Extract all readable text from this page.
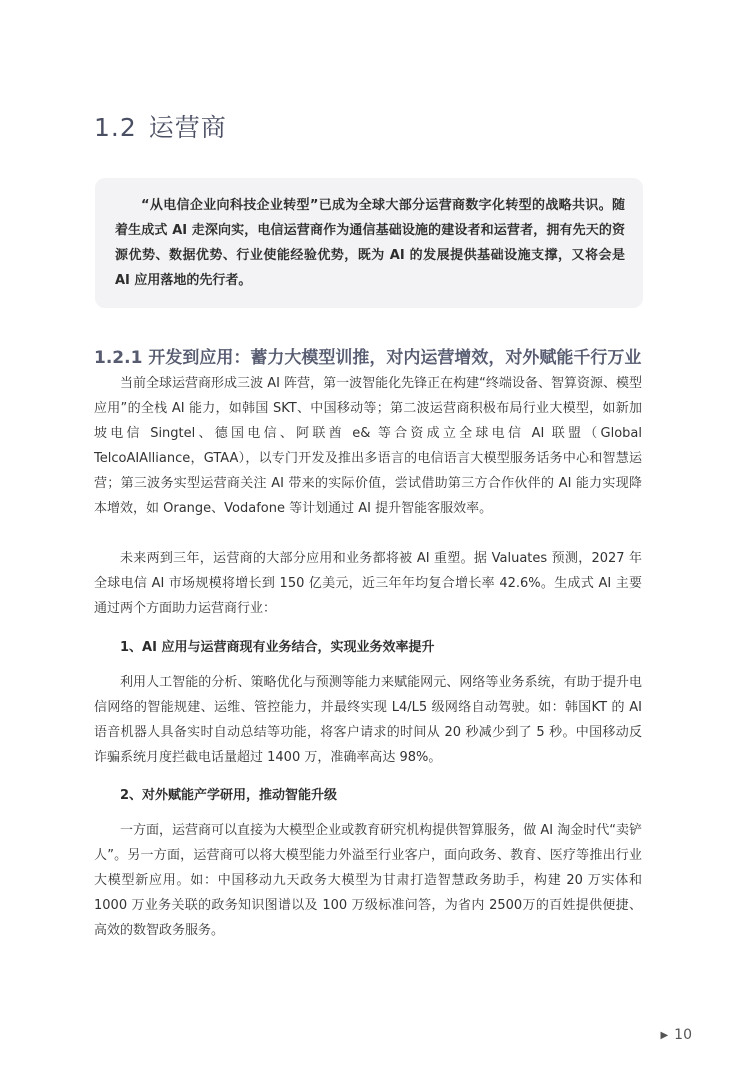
1.2 运营商

“从电信企业向科技企业转型”已成为全球大部分运营商数字化转型的战略共识。随着生成式 AI 走深向实，电信运营商作为通信基础设施的建设者和运营者，拥有先天的资源优势、数据优势、行业使能经验优势，既为 AI 的发展提供基础设施支撑，又将会是 AI 应用落地的先行者。

1.2.1 开发到应用：蓄力大模型训推，对内运营增效，对外赋能千行万业

当前全球运营商形成三波 AI 阵营，第一波智能化先锋正在构建“终端设备、智算资源、模型应用”的全栈 AI 能力，如韩国 SKT、中国移动等；第二波运营商积极布局行业大模型，如新加坡电信 Singtel、德国电信、阿联酋 e& 等合资成立全球电信 AI 联盟（Global TelcoAIAlliance，GTAA），以专门开发及推出多语言的电信语言大模型服务话务中心和智慧运营；第三波务实型运营商关注 AI 带来的实际价值，尝试借助第三方合作伙伴的 AI 能力实现降本增效，如 Orange、Vodafone 等计划通过 AI 提升智能客服效率。

未来两到三年，运营商的大部分应用和业务都将被 AI 重塑。据 Valuates 预测，2027 年全球电信 AI 市场规模将增长到 150 亿美元，近三年年均复合增长率 42.6%。生成式 AI 主要通过两个方面助力运营商行业：

1、AI 应用与运营商现有业务结合，实现业务效率提升

利用人工智能的分析、策略优化与预测等能力来赋能网元、网络等业务系统，有助于提升电信网络的智能规建、运维、管控能力，并最终实现 L4/L5 级网络自动驾驶。如：韩国KT 的 AI 语音机器人具备实时自动总结等功能，将客户请求的时间从 20 秒减少到了 5 秒。中国移动反诈骗系统月度拦截电话量超过 1400 万，准确率高达 98%。

2、对外赋能产学研用，推动智能升级

一方面，运营商可以直接为大模型企业或教育研究机构提供智算服务，做 AI 淘金时代“卖铲人”。另一方面，运营商可以将大模型能力外溢至行业客户，面向政务、教育、医疗等推出行业大模型新应用。如：中国移动九天政务大模型为甘肃打造智慧政务助手，构建 20 万实体和 1000 万业务关联的政务知识图谱以及 100 万级标准问答，为省内 2500万的百姓提供便捷、高效的数智政务服务。

▶ 10
